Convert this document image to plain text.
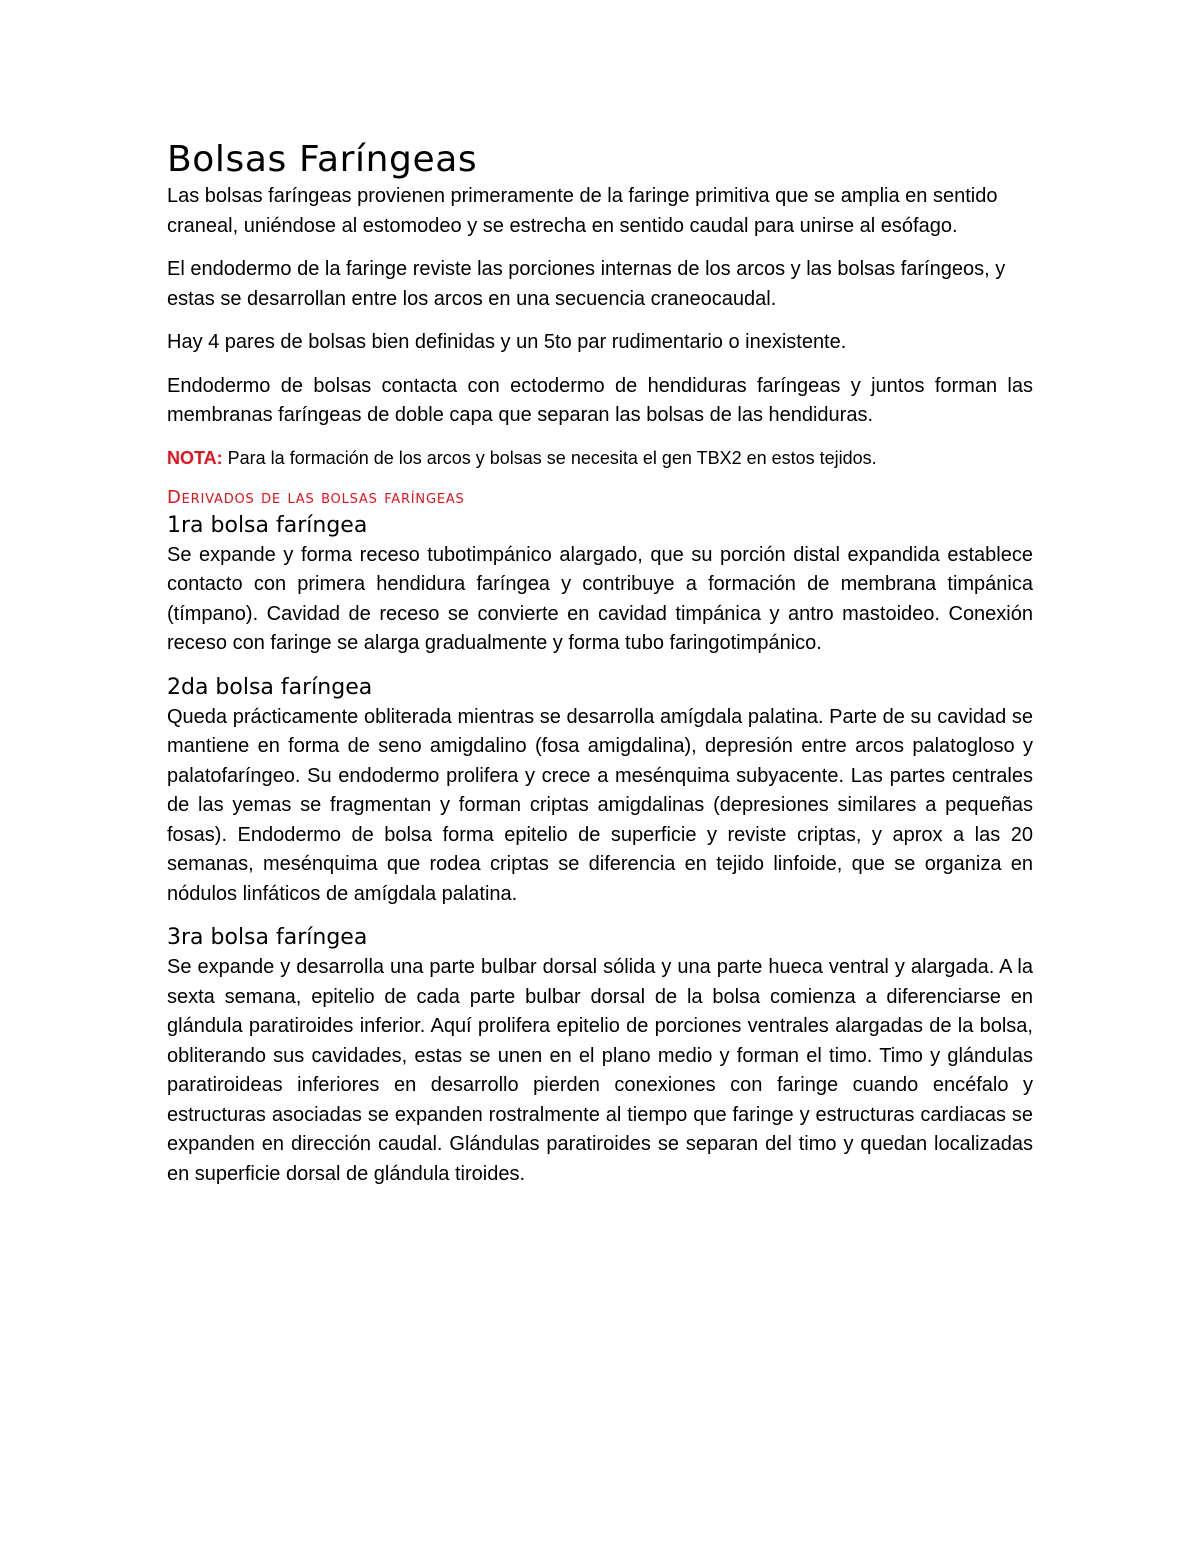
Bolsas Faríngeas

Las bolsas faríngeas provienen primeramente de la faringe primitiva que se amplia en sentido craneal, uniéndose al estomodeo y se estrecha en sentido caudal para unirse al esófago.

El endodermo de la faringe reviste las porciones internas de los arcos y las bolsas faríngeos, y estas se desarrollan entre los arcos en una secuencia craneocaudal.

Hay 4 pares de bolsas bien definidas y un 5to par rudimentario o inexistente.

Endodermo de bolsas contacta con ectodermo de hendiduras faríngeas y juntos forman las membranas faríngeas de doble capa que separan las bolsas de las hendiduras.

NOTA: Para la formación de los arcos y bolsas se necesita el gen TBX2 en estos tejidos.

Derivados de las bolsas faríngeas
1ra bolsa faríngea

Se expande y forma receso tubotimpánico alargado, que su porción distal expandida establece contacto con primera hendidura faríngea y contribuye a formación de membrana timpánica (tímpano). Cavidad de receso se convierte en cavidad timpánica y antro mastoideo. Conexión receso con faringe se alarga gradualmente y forma tubo faringotimpánico.

2da bolsa faríngea

Queda prácticamente obliterada mientras se desarrolla amígdala palatina. Parte de su cavidad se mantiene en forma de seno amigdalino (fosa amigdalina), depresión entre arcos palatogloso y palatofaríngeo. Su endodermo prolifera y crece a mesénquima subyacente. Las partes centrales de las yemas se fragmentan y forman criptas amigdalinas (depresiones similares a pequeñas fosas). Endodermo de bolsa forma epitelio de superficie y reviste criptas, y aprox a las 20 semanas, mesénquima que rodea criptas se diferencia en tejido linfoide, que se organiza en nódulos linfáticos de amígdala palatina.

3ra bolsa faríngea

Se expande y desarrolla una parte bulbar dorsal sólida y una parte hueca ventral y alargada. A la sexta semana, epitelio de cada parte bulbar dorsal de la bolsa comienza a diferenciarse en glándula paratiroides inferior. Aquí prolifera epitelio de porciones ventrales alargadas de la bolsa, obliterando sus cavidades, estas se unen en el plano medio y forman el timo. Timo y glándulas paratiroideas inferiores en desarrollo pierden conexiones con faringe cuando encéfalo y estructuras asociadas se expanden rostralmente al tiempo que faringe y estructuras cardiacas se expanden en dirección caudal. Glándulas paratiroides se separan del timo y quedan localizadas en superficie dorsal de glándula tiroides.
